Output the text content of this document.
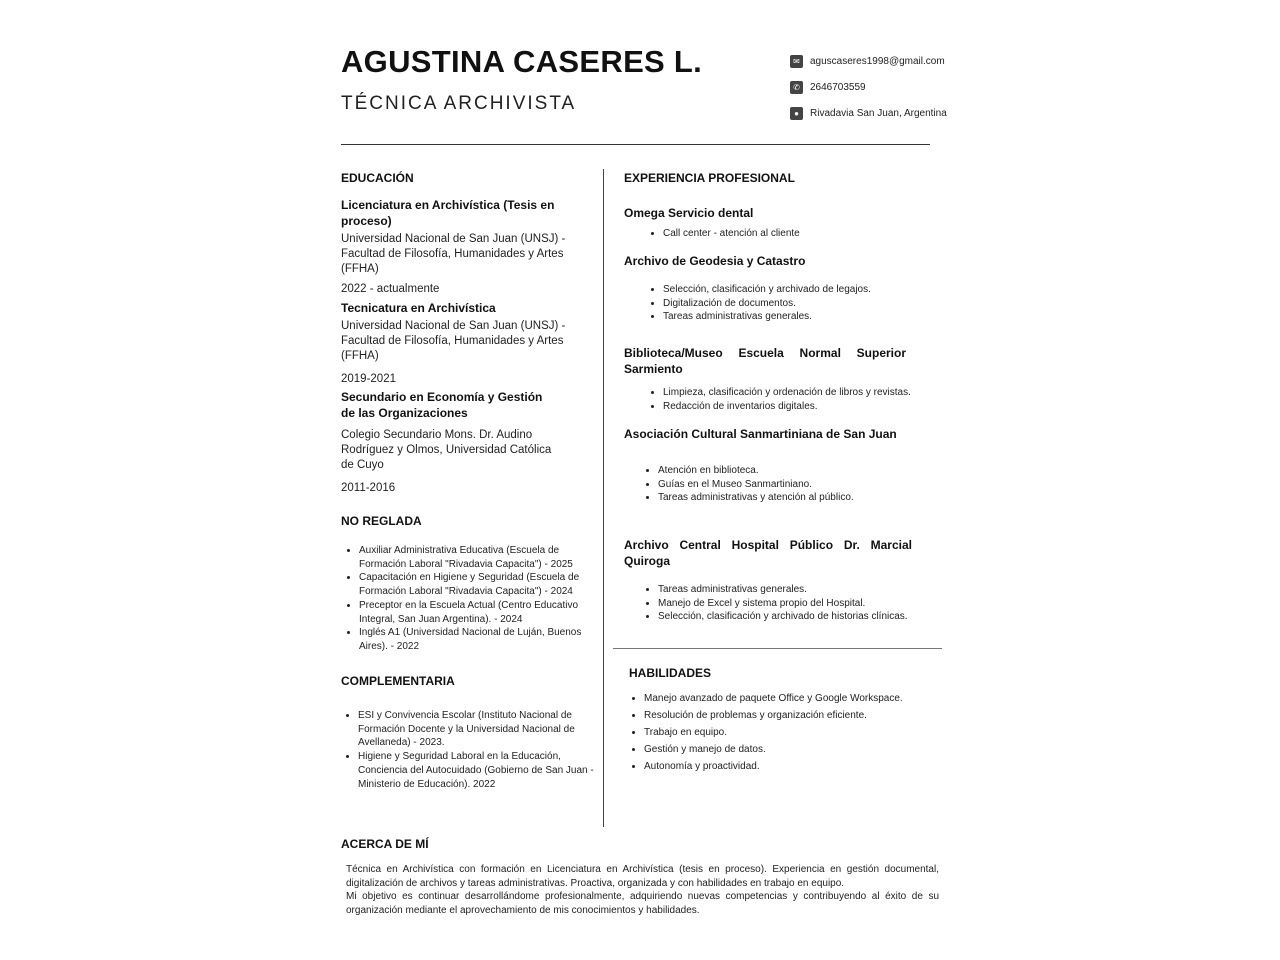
AGUSTINA CASERES L.
TÉCNICA ARCHIVISTA
✉	aguscaseres1998@gmail.com
✆	2646703559
●	Rivadavia San Juan, Argentina
EDUCACIÓN
Licenciatura en Archivística (Tesis en proceso)
Universidad Nacional de San Juan (UNSJ) - Facultad de Filosofía, Humanidades y Artes (FFHA)
2022 - actualmente
Tecnicatura en Archivística
Universidad Nacional de San Juan (UNSJ) - Facultad de Filosofía, Humanidades y Artes (FFHA)
2019-2021
Secundario en Economía y Gestión de las Organizaciones
Colegio Secundario Mons. Dr. Audino Rodríguez y Olmos, Universidad Católica de Cuyo
2011-2016
NO REGLADA
• Auxiliar Administrativa Educativa (Escuela de Formación Laboral "Rivadavia Capacita") - 2025
• Capacitación en Higiene y Seguridad (Escuela de Formación Laboral "Rivadavia Capacita") - 2024
• Preceptor en la Escuela Actual (Centro Educativo Integral, San Juan Argentina). - 2024
• Inglés A1 (Universidad Nacional de Luján, Buenos Aires). - 2022
COMPLEMENTARIA
• ESI y Convivencia Escolar (Instituto Nacional de Formación Docente y la Universidad Nacional de Avellaneda) - 2023.
• Higiene y Seguridad Laboral en la Educación, Conciencia del Autocuidado (Gobierno de San Juan - Ministerio de Educación). 2022
EXPERIENCIA PROFESIONAL
Omega Servicio dental
• Call center - atención al cliente
Archivo de Geodesia y Catastro
• Selección, clasificación y archivado de legajos.
• Digitalización de documentos.
• Tareas administrativas generales.
Biblioteca/Museo Escuela Normal Superior Sarmiento
• Limpieza, clasificación y ordenación de libros y revistas.
• Redacción de inventarios digitales.
Asociación Cultural Sanmartiniana de San Juan
• Atención en biblioteca.
• Guías en el Museo Sanmartiniano.
• Tareas administrativas y atención al público.
Archivo Central Hospital Público Dr. Marcial Quiroga
• Tareas administrativas generales.
• Manejo de Excel y sistema propio del Hospital.
• Selección, clasificación y archivado de historias clínicas.
HABILIDADES
• Manejo avanzado de paquete Office y Google Workspace.
• Resolución de problemas y organización eficiente.
• Trabajo en equipo.
• Gestión y manejo de datos.
• Autonomía y proactividad.
ACERCA DE MÍ

Técnica en Archivística con formación en Licenciatura en Archivística (tesis en proceso). Experiencia en gestión documental, digitalización de archivos y tareas administrativas. Proactiva, organizada y con habilidades en trabajo en equipo.

Mi objetivo es continuar desarrollándome profesionalmente, adquiriendo nuevas competencias y contribuyendo al éxito de su organización mediante el aprovechamiento de mis conocimientos y habilidades.
